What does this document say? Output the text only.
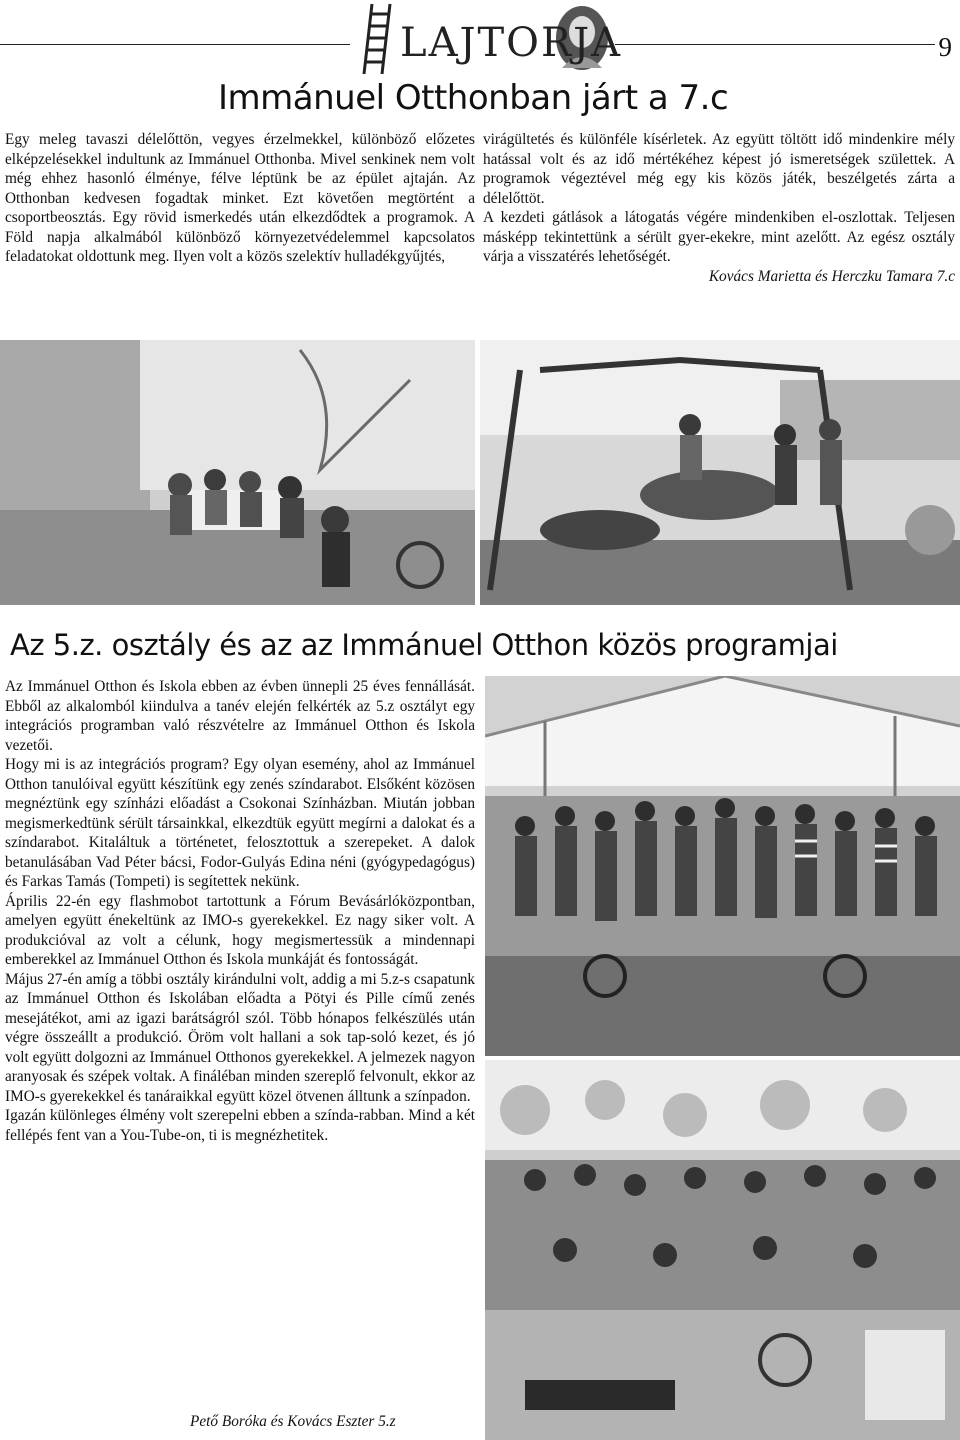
LAJTORJA	9
Immánuel Otthonban járt a 7.c

Egy meleg tavaszi délelőttön, vegyes érzelmekkel, különböző előzetes elképzelésekkel indultunk az Immánuel Otthonba. Mivel senkinek nem volt még ehhez hasonló élménye, félve léptünk be az épület ajtaján. Az Otthonban kedvesen fogadtak minket. Ezt követően megtörtént a csoportbeosztás. Egy rövid ismerkedés után elkezdődtek a programok. A Föld napja alkalmából különböző környezetvédelemmel kapcsolatos feladatokat oldottunk meg. Ilyen volt a közös szelektív hulladékgyűjtés,

virágültetés és különféle kísérletek. Az együtt töltött idő mindenkire mély hatással volt és az idő mértékéhez képest jó ismeretségek születtek. A programok végeztével még egy kis közös játék, beszélgetés zárta a délelőttöt.

A kezdeti gátlások a látogatás végére mindenkiben el-oszlottak. Teljesen másképp tekintettünk a sérült gyer-ekekre, mint azelőtt. Az egész osztály várja a visszatérés lehetőségét.

Kovács Marietta és Herczku Tamara 7.c

Az 5.z. osztály és az az Immánuel Otthon közös programjai

Az Immánuel Otthon és Iskola ebben az évben ünnepli 25 éves fennállását. Ebből az alkalomból kiindulva a tanév elején felkérték az 5.z osztályt egy integrációs programban való részvételre az Immánuel Otthon és Iskola vezetői.

Hogy mi is az integrációs program? Egy olyan esemény, ahol az Immánuel Otthon tanulóival együtt készítünk egy zenés színdarabot. Elsőként közösen megnéztünk egy színházi előadást a Csokonai Színházban. Miután jobban megismerkedtünk sérült társainkkal, elkezdtük együtt megírni a dalokat és a színdarabot. Kitaláltuk a történetet, felosztottuk a szerepeket. A dalok betanulásában Vad Péter bácsi, Fodor-Gulyás Edina néni (gyógypedagógus) és Farkas Tamás (Tompeti) is segítettek nekünk.

Április 22-én egy flashmobot tartottunk a Fórum Bevásárlóközpontban, amelyen együtt énekeltünk az IMO-s gyerekekkel. Ez nagy siker volt. A produkcióval az volt a célunk, hogy megismertessük a mindennapi emberekkel az Immánuel Otthon és Iskola munkáját és fontosságát.

Május 27-én amíg a többi osztály kirándulni volt, addig a mi 5.z-s csapatunk az Immánuel Otthon és Iskolában előadta a Pötyi és Pille című zenés mesejátékot, ami az igazi barátságról szól. Több hónapos felkészülés után végre összeállt a produkció. Öröm volt hallani a sok tap-soló kezet, és jó volt együtt dolgozni az Immánuel Otthonos gyerekekkel. A jelmezek nagyon aranyosak és szépek voltak. A fináléban minden szereplő felvonult, ekkor az IMO-s gyerekekkel és tanáraikkal együtt közel ötvenen álltunk a színpadon.

Igazán különleges élmény volt szerepelni ebben a színda-rabban. Mind a két fellépés fent van a You-Tube-on, ti is megnézhetitek.

Pető Boróka és Kovács Eszter 5.z
